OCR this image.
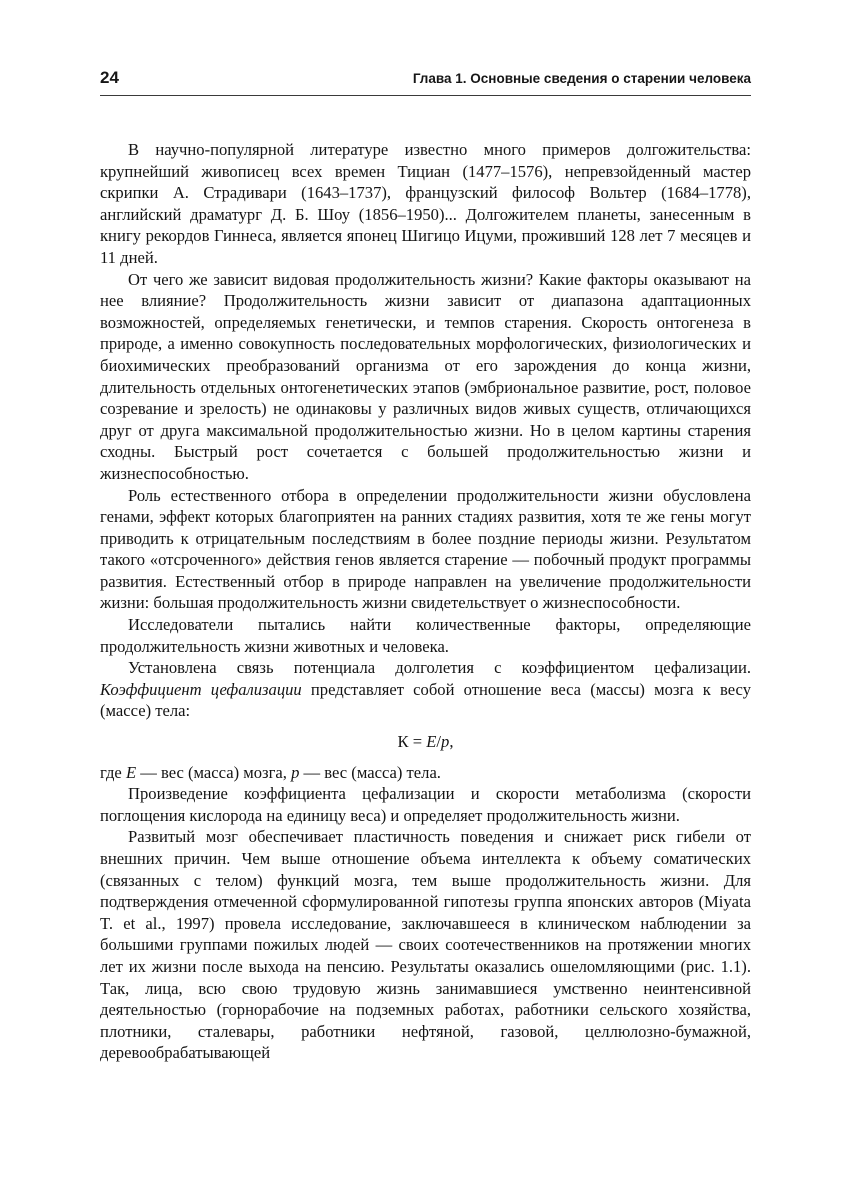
24	Глава 1. Основные сведения о старении человека

В научно-популярной литературе известно много примеров долгожительства: крупнейший живописец всех времен Тициан (1477–1576), непревзойденный мастер скрипки А. Страдивари (1643–1737), французский философ Вольтер (1684–1778), английский драматург Д. Б. Шоу (1856–1950)... Долгожителем планеты, занесенным в книгу рекордов Гиннеса, является японец Шигицо Ицуми, проживший 128 лет 7 месяцев и 11 дней.

От чего же зависит видовая продолжительность жизни? Какие факторы оказывают на нее влияние? Продолжительность жизни зависит от диапазона адаптационных возможностей, определяемых генетически, и темпов старения. Скорость онтогенеза в природе, а именно совокупность последовательных морфологических, физиологических и биохимических преобразований организма от его зарождения до конца жизни, длительность отдельных онтогенетических этапов (эмбриональное развитие, рост, половое созревание и зрелость) не одинаковы у различных видов живых существ, отличающихся друг от друга максимальной продолжительностью жизни. Но в целом картины старения сходны. Быстрый рост сочетается с большей продолжительностью жизни и жизнеспособностью.

Роль естественного отбора в определении продолжительности жизни обусловлена генами, эффект которых благоприятен на ранних стадиях развития, хотя те же гены могут приводить к отрицательным последствиям в более поздние периоды жизни. Результатом такого «отсроченного» действия генов является старение — побочный продукт программы развития. Естественный отбор в природе направлен на увеличение продолжительности жизни: большая продолжительность жизни свидетельствует о жизнеспособности.

Исследователи пытались найти количественные факторы, определяющие продолжительность жизни животных и человека.

Установлена связь потенциала долголетия с коэффициентом цефализации. Коэффициент цефализации представляет собой отношение веса (массы) мозга к весу (массе) тела:

К = E/p,

где E — вес (масса) мозга, p — вес (масса) тела.

Произведение коэффициента цефализации и скорости метаболизма (скорости поглощения кислорода на единицу веса) и определяет продолжительность жизни.

Развитый мозг обеспечивает пластичность поведения и снижает риск гибели от внешних причин. Чем выше отношение объема интеллекта к объему соматических (связанных с телом) функций мозга, тем выше продолжительность жизни. Для подтверждения отмеченной сформулированной гипотезы группа японских авторов (Miyata T. et al., 1997) провела исследование, заключавшееся в клиническом наблюдении за большими группами пожилых людей — своих соотечественников на протяжении многих лет их жизни после выхода на пенсию. Результаты оказались ошеломляющими (рис. 1.1). Так, лица, всю свою трудовую жизнь занимавшиеся умственно неинтенсивной деятельностью (горнорабочие на подземных работах, работники сельского хозяйства, плотники, сталевары, работники нефтяной, газовой, целлюлозно-бумажной, деревообрабатывающей
